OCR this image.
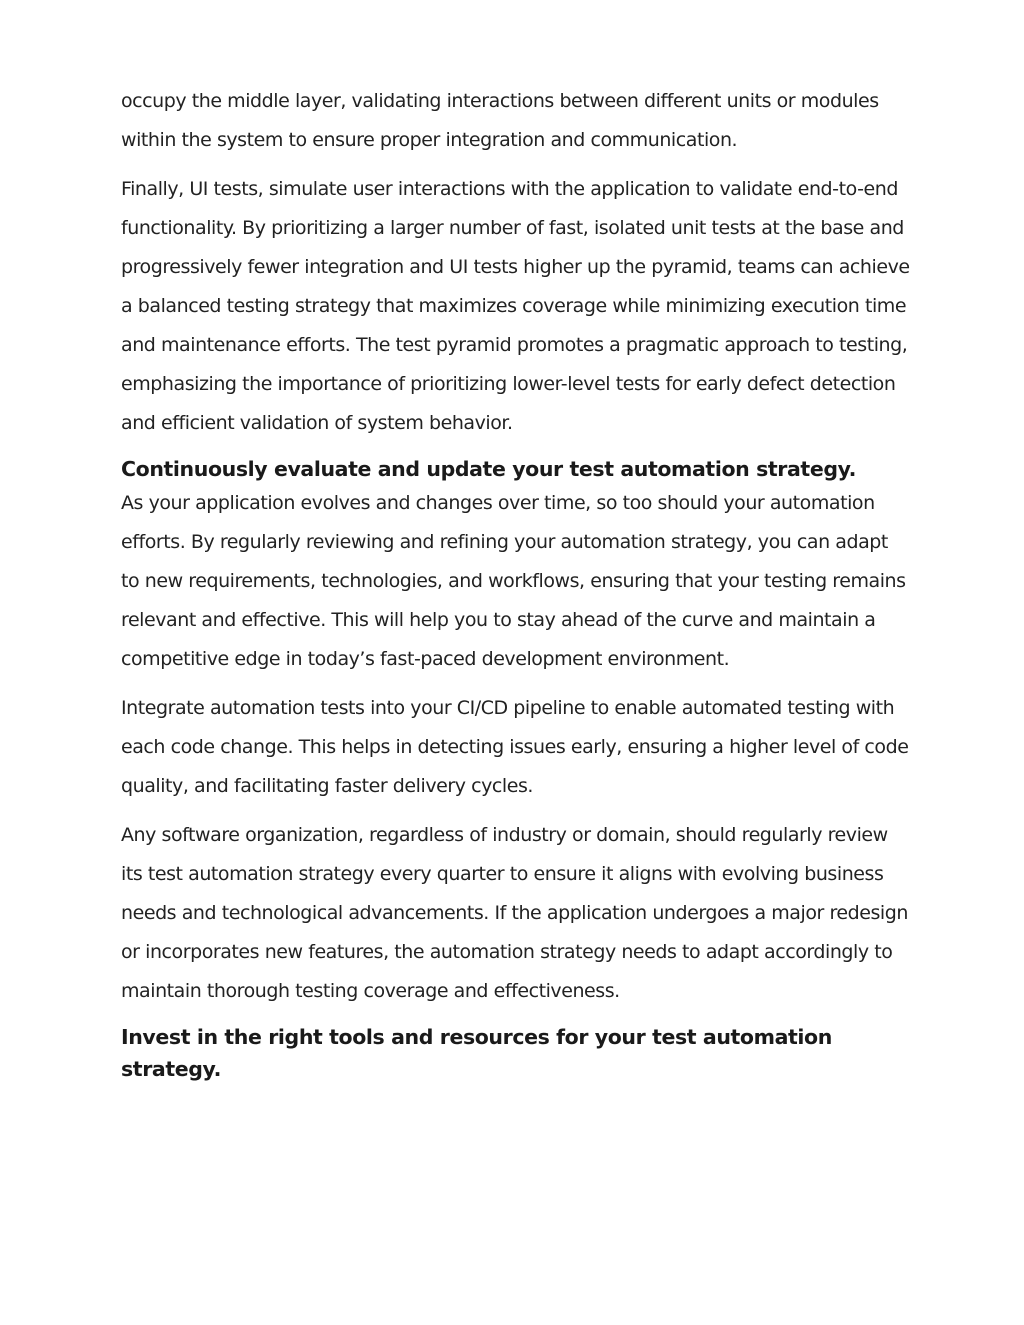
occupy the middle layer, validating interactions between different units or modules within the system to ensure proper integration and communication.

Finally, UI tests, simulate user interactions with the application to validate end-to-end functionality. By prioritizing a larger number of fast, isolated unit tests at the base and progressively fewer integration and UI tests higher up the pyramid, teams can achieve a balanced testing strategy that maximizes coverage while minimizing execution time and maintenance efforts. The test pyramid promotes a pragmatic approach to testing, emphasizing the importance of prioritizing lower-level tests for early defect detection and efficient validation of system behavior.

Continuously evaluate and update your test automation strategy.

As your application evolves and changes over time, so too should your automation efforts. By regularly reviewing and refining your automation strategy, you can adapt to new requirements, technologies, and workflows, ensuring that your testing remains relevant and effective. This will help you to stay ahead of the curve and maintain a competitive edge in today’s fast-paced development environment.

Integrate automation tests into your CI/CD pipeline to enable automated testing with each code change. This helps in detecting issues early, ensuring a higher level of code quality, and facilitating faster delivery cycles.

Any software organization, regardless of industry or domain, should regularly review its test automation strategy every quarter to ensure it aligns with evolving business needs and technological advancements. If the application undergoes a major redesign or incorporates new features, the automation strategy needs to adapt accordingly to maintain thorough testing coverage and effectiveness.

Invest in the right tools and resources for your test automation strategy.
